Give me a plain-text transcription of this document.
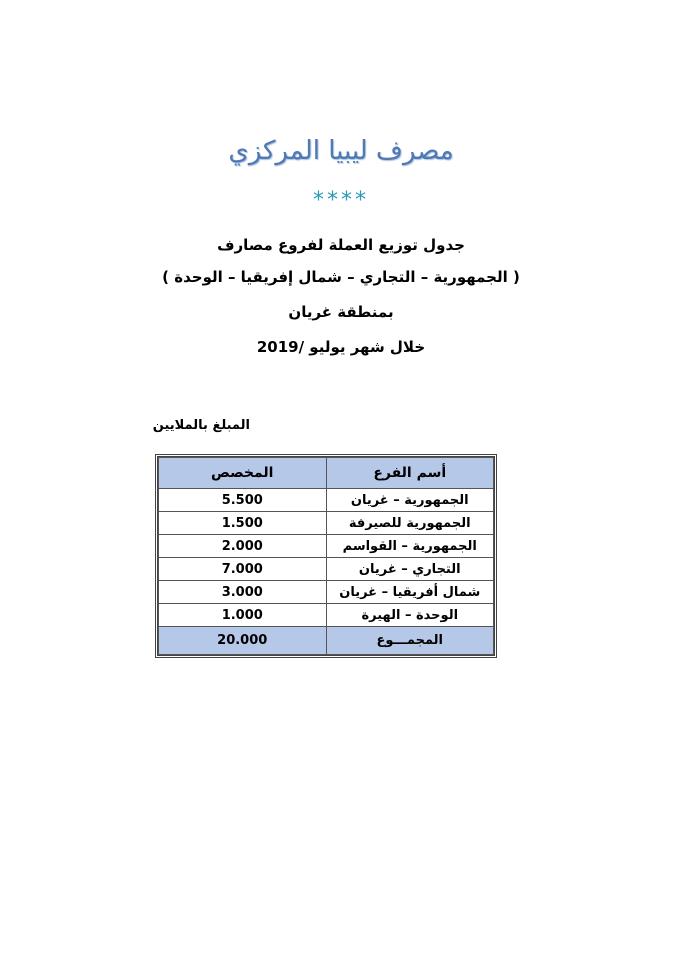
مصرف ليبيا المركزي
****
جدول توزيع العملة لفروع مصارف
( الجمهورية – التجاري – شمال إفريقيا – الوحدة )
بمنطقة غريان
خلال شهر يوليو /2019
المبلغ بالملايين
أسم الفرع	المخصص
الجمهورية – غريان	5.500
الجمهورية للصيرفة	1.500
الجمهورية – القواسم	2.000
التجاري – غريان	7.000
شمال أفريقيا – غريان	3.000
الوحدة – الهيرة	1.000
المجمـــوع	20.000
